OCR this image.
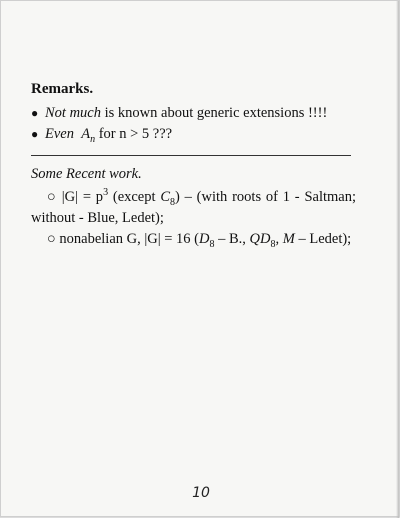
Remarks.
● Not much is known about generic extensions !!!!
● Even $A_n$ for n > 5 ???
Some Recent work.
○ $|G| = p^3$ (except $C_8$) – (with roots of 1 - Saltman; without - Blue, Ledet);
○ nonabelian G, |G| = 16 ($D_8$ – B., $QD_8$, M – Ledet);
10
